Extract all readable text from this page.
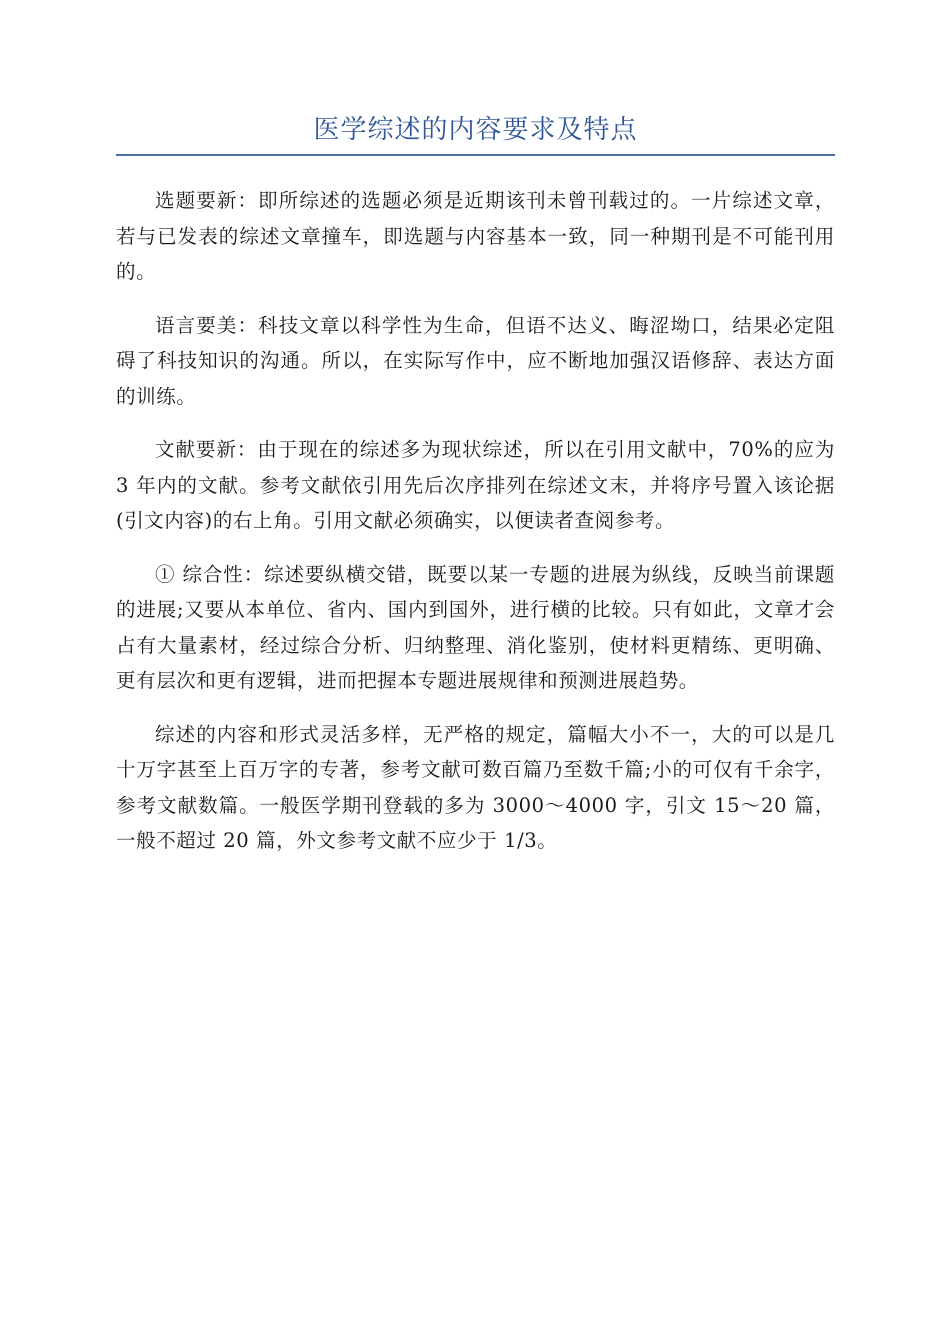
医学综述的内容要求及特点

选题要新：即所综述的选题必须是近期该刊未曾刊载过的。一片综述文章，若与已发表的综述文章撞车，即选题与内容基本一致，同一种期刊是不可能刊用的。

语言要美：科技文章以科学性为生命，但语不达义、晦涩坳口，结果必定阻碍了科技知识的沟通。所以，在实际写作中，应不断地加强汉语修辞、表达方面的训练。

文献要新：由于现在的综述多为现状综述，所以在引用文献中，70%的应为 3 年内的文献。参考文献依引用先后次序排列在综述文末，并将序号置入该论据(引文内容)的右上角。引用文献必须确实，以便读者查阅参考。

① 综合性：综述要纵横交错，既要以某一专题的进展为纵线，反映当前课题的进展;又要从本单位、省内、国内到国外，进行横的比较。只有如此，文章才会占有大量素材，经过综合分析、归纳整理、消化鉴别，使材料更精练、更明确、更有层次和更有逻辑，进而把握本专题进展规律和预测进展趋势。

综述的内容和形式灵活多样，无严格的规定，篇幅大小不一，大的可以是几十万字甚至上百万字的专著，参考文献可数百篇乃至数千篇;小的可仅有千余字，参考文献数篇。一般医学期刊登载的多为 3000～4000 字，引文 15～20 篇，一般不超过 20 篇，外文参考文献不应少于 1/3。
